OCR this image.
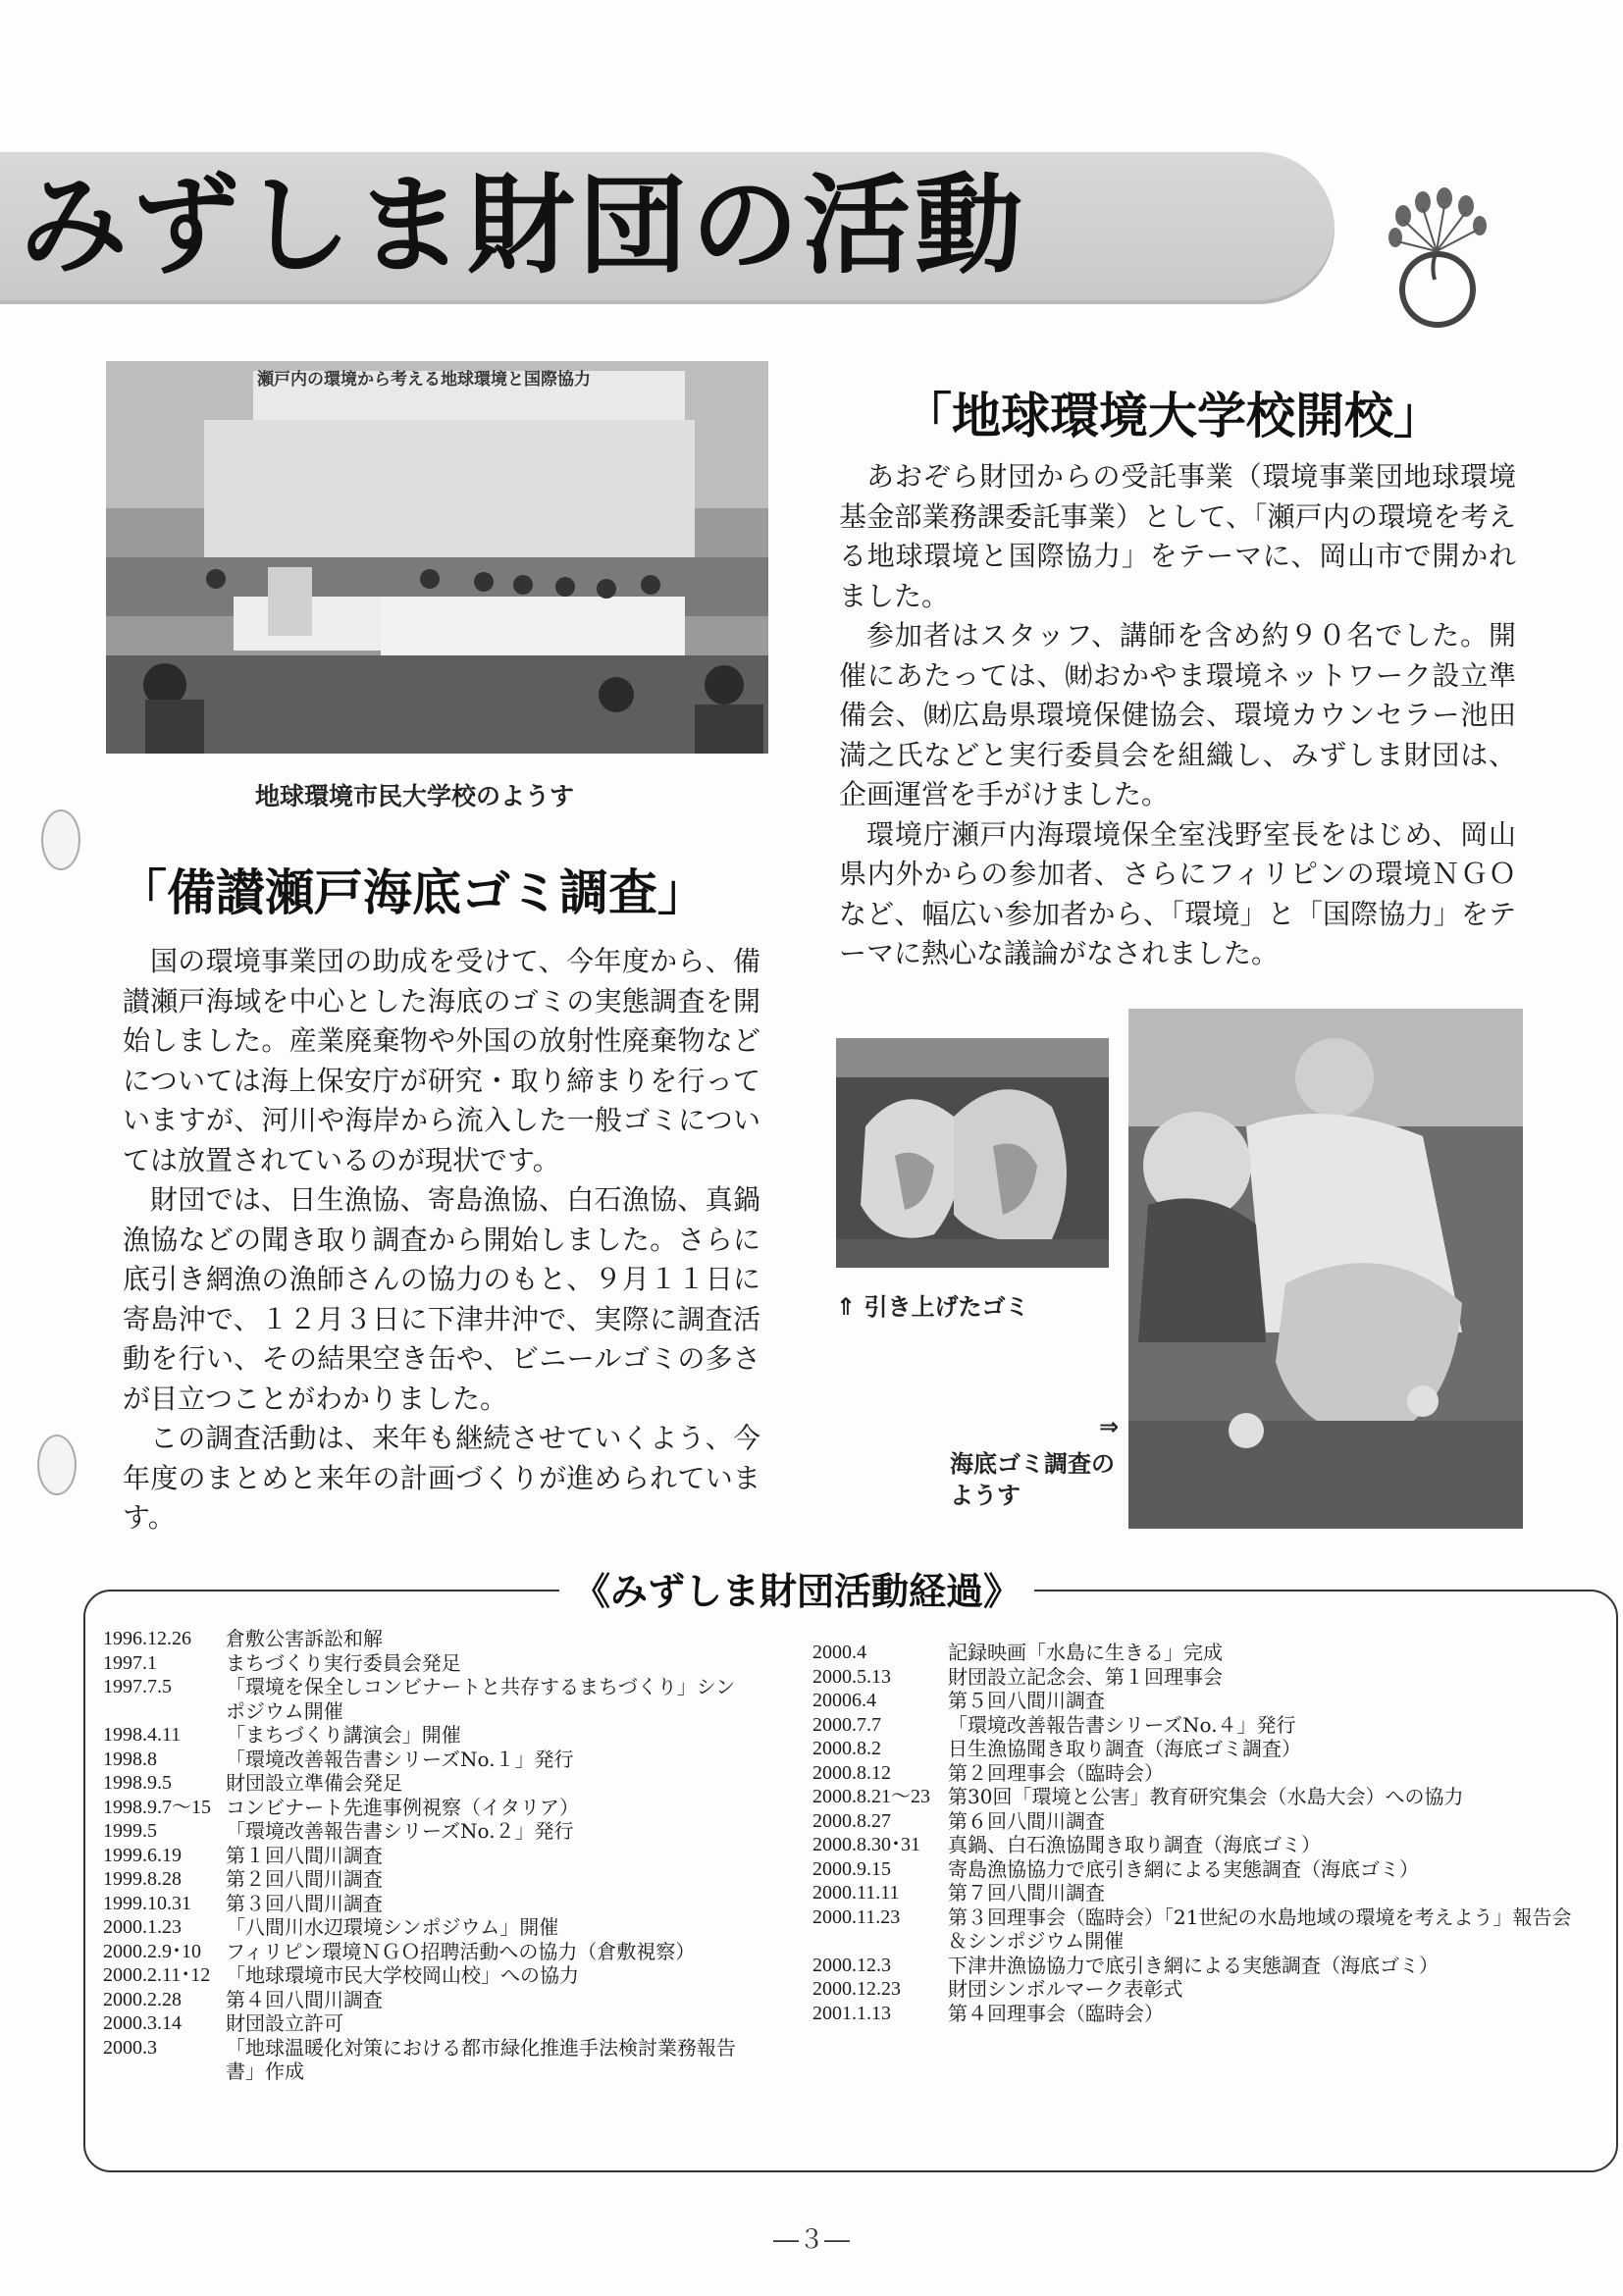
みずしま財団の活動
瀬戸内の環境から考える地球環境と国際協力
地球環境市民大学校のようす
「地球環境大学校開校」

あおぞら財団からの受託事業（環境事業団地球環境基金部業務課委託事業）として、「瀬戸内の環境を考える地球環境と国際協力」をテーマに、岡山市で開かれました。

参加者はスタッフ、講師を含め約９０名でした。開催にあたっては、㈶おかやま環境ネットワーク設立準備会、㈶広島県環境保健協会、環境カウンセラー池田満之氏などと実行委員会を組織し、みずしま財団は、企画運営を手がけました。

環境庁瀬戸内海環境保全室浅野室長をはじめ、岡山県内外からの参加者、さらにフィリピンの環境ＮＧＯなど、幅広い参加者から、「環境」と「国際協力」をテーマに熱心な議論がなされました。

「備讃瀬戸海底ゴミ調査」

国の環境事業団の助成を受けて、今年度から、備讃瀬戸海域を中心とした海底のゴミの実態調査を開始しました。産業廃棄物や外国の放射性廃棄物などについては海上保安庁が研究・取り締まりを行っていますが、河川や海岸から流入した一般ゴミについては放置されているのが現状です。

財団では、日生漁協、寄島漁協、白石漁協、真鍋漁協などの聞き取り調査から開始しました。さらに底引き網漁の漁師さんの協力のもと、９月１１日に寄島沖で、１２月３日に下津井沖で、実際に調査活動を行い、その結果空き缶や、ビニールゴミの多さが目立つことがわかりました。

この調査活動は、来年も継続させていくよう、今年度のまとめと来年の計画づくりが進められています。

⇑ 引き上げたゴミ
⇒
海底ゴミ調査の
ようす
《みずしま財団活動経過》
1996.12.26	倉敷公害訴訟和解
1997.1	まちづくり実行委員会発足
1997.7.5	「環境を保全しコンビナートと共存するまちづくり」シンポジウム開催
1998.4.11	「まちづくり講演会」開催
1998.8	「環境改善報告書シリーズNo.１」発行
1998.9.5	財団設立準備会発足
1998.9.7～15 コンビナート先進事例視察（イタリア）
1999.5	「環境改善報告書シリーズNo.２」発行
1999.6.19	第１回八間川調査
1999.8.28	第２回八間川調査
1999.10.31	第３回八間川調査
2000.1.23	「八間川水辺環境シンポジウム」開催
2000.2.9･10	フィリピン環境ＮＧＯ招聘活動への協力（倉敷視察）
2000.2.11･12 「地球環境市民大学校岡山校」への協力
2000.2.28	第４回八間川調査
2000.3.14	財団設立許可
2000.3	「地球温暖化対策における都市緑化推進手法検討業務報告書」作成
2000.4	記録映画「水島に生きる」完成
2000.5.13	財団設立記念会、第１回理事会
20006.4	第５回八間川調査
2000.7.7	「環境改善報告書シリーズNo.４」発行
2000.8.2	日生漁協聞き取り調査（海底ゴミ調査）
2000.8.12	第２回理事会（臨時会）
2000.8.21～23 第30回「環境と公害」教育研究集会（水島大会）への協力
2000.8.27	第６回八間川調査
2000.8.30･31	真鍋、白石漁協聞き取り調査（海底ゴミ）
2000.9.15	寄島漁協協力で底引き網による実態調査（海底ゴミ）
2000.11.11	第７回八間川調査
2000.11.23	第３回理事会（臨時会）「21世紀の水島地域の環境を考えよう」報告会＆シンポジウム開催
2000.12.3	下津井漁協協力で底引き網による実態調査（海底ゴミ）
2000.12.23	財団シンボルマーク表彰式
2001.1.13	第４回理事会（臨時会）
―３―
